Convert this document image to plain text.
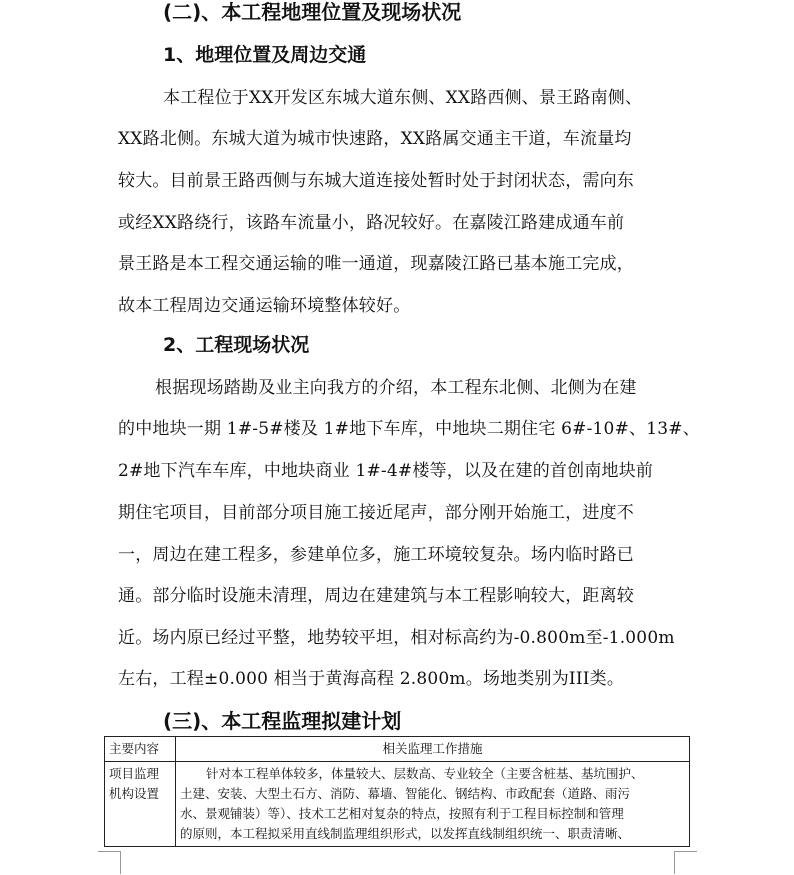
(二)、本工程地理位置及现场状况
1、地理位置及周边交通
本工程位于XX开发区东城大道东侧、XX路西侧、景王路南侧、
XX路北侧。东城大道为城市快速路，XX路属交通主干道，车流量均
较大。目前景王路西侧与东城大道连接处暂时处于封闭状态，需向东
或经XX路绕行，该路车流量小，路况较好。在嘉陵江路建成通车前
景王路是本工程交通运输的唯一通道，现嘉陵江路已基本施工完成，
故本工程周边交通运输环境整体较好。
2、工程现场状况
根据现场踏勘及业主向我方的介绍，本工程东北侧、北侧为在建
的中地块一期 1#-5#楼及 1#地下车库，中地块二期住宅 6#-10#、13#、
2#地下汽车车库，中地块商业 1#-4#楼等，以及在建的首创南地块前
期住宅项目，目前部分项目施工接近尾声，部分刚开始施工，进度不
一，周边在建工程多，参建单位多，施工环境较复杂。场内临时路已
通。部分临时设施未清理，周边在建建筑与本工程影响较大，距离较
近。场内原已经过平整，地势较平坦，相对标高约为-0.800m至-1.000m
左右，工程±0.000 相当于黄海高程 2.800m。场地类别为III类。
(三)、本工程监理拟建计划
主要内容	相关监理工作措施

项目监理
机构设置	针对本工程单体较多，体量较大、层数高、专业较全（主要含桩基、基坑围护、
土建、安装、大型土石方、消防、幕墙、智能化、钢结构、市政配套（道路、雨污
水、景观铺装）等）、技术工艺相对复杂的特点，按照有利于工程目标控制和管理
的原则，本工程拟采用直线制监理组织形式，以发挥直线制组织统一、职责清晰、
